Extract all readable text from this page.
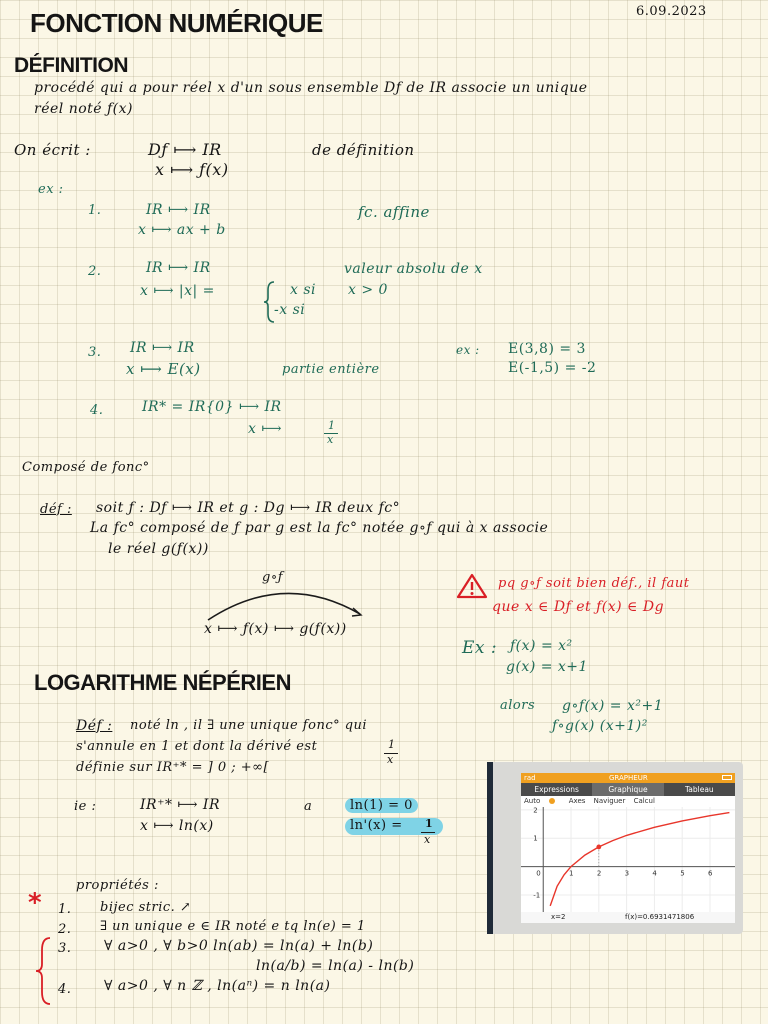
FONCTION NUMÉRIQUE	6.09.2023
DÉFINITION
procédé qui a pour réel x d'un sous ensemble Dƒ de IR associe un unique
réel noté ƒ(x)
On écrit :	Dƒ ⟼ IR
x ⟼ ƒ(x)
de définition
ex :
1.	IR ⟼ IR
x ⟼ ax + b
fc. affine
2.	IR ⟼ IR
x ⟼ |x| =	x si x > 0
-x si
valeur absolu de x
3. IR ⟼ IR
x ⟼ E(x)	partie entière
ex : E(3,8) = 3
E(-1,5) = -2
4.	IR* = IR{0} ⟼ IR
x ⟼	1
x
Composé de fonc°
déf : soit ƒ : Dƒ ⟼ IR et g : Dg ⟼ IR deux fc°
La fc° composé de ƒ par g est la fc° notée g∘ƒ qui à x associe
le réel g(ƒ(x))
g∘ƒ
x ⟼ ƒ(x) ⟼ g(ƒ(x))
pq g∘ƒ soit bien déf., il faut
que x ∈ Dƒ et ƒ(x) ∈ Dg
Ex : ƒ(x) = x²
g(x) = x+1
alors g∘ƒ(x) = x²+1
ƒ∘g(x) (x+1)²
LOGARITHME NÉPÉRIEN
Déf : noté ln , il ∃ une unique fonc° qui
s'annule en 1 et dont la dérivé est
définie sur IR⁺* = ] 0 ; +∞[
1
x
ie :	IR⁺* ⟼ IR
x ⟼ ln(x)
a	ln(1) = 0
ln'(x) =	1
x
rad	GRAPHEUR
Expressions	Graphique	Tableau
Auto	Axes Naviguer Calcul
0	1	2	3	4	5	6
2
1
-1
x=2	f(x)=0.6931471806
propriétés :
* 1. bijec stric. ↗
2. ∃ un unique e ∈ IR noté e tq ln(e) = 1
3. ∀ a>0 , ∀ b>0 ln(ab) = ln(a) + ln(b)
ln(a/b) = ln(a) - ln(b)
4. ∀ a>0 , ∀ n ℤ , ln(aⁿ) = n ln(a)
